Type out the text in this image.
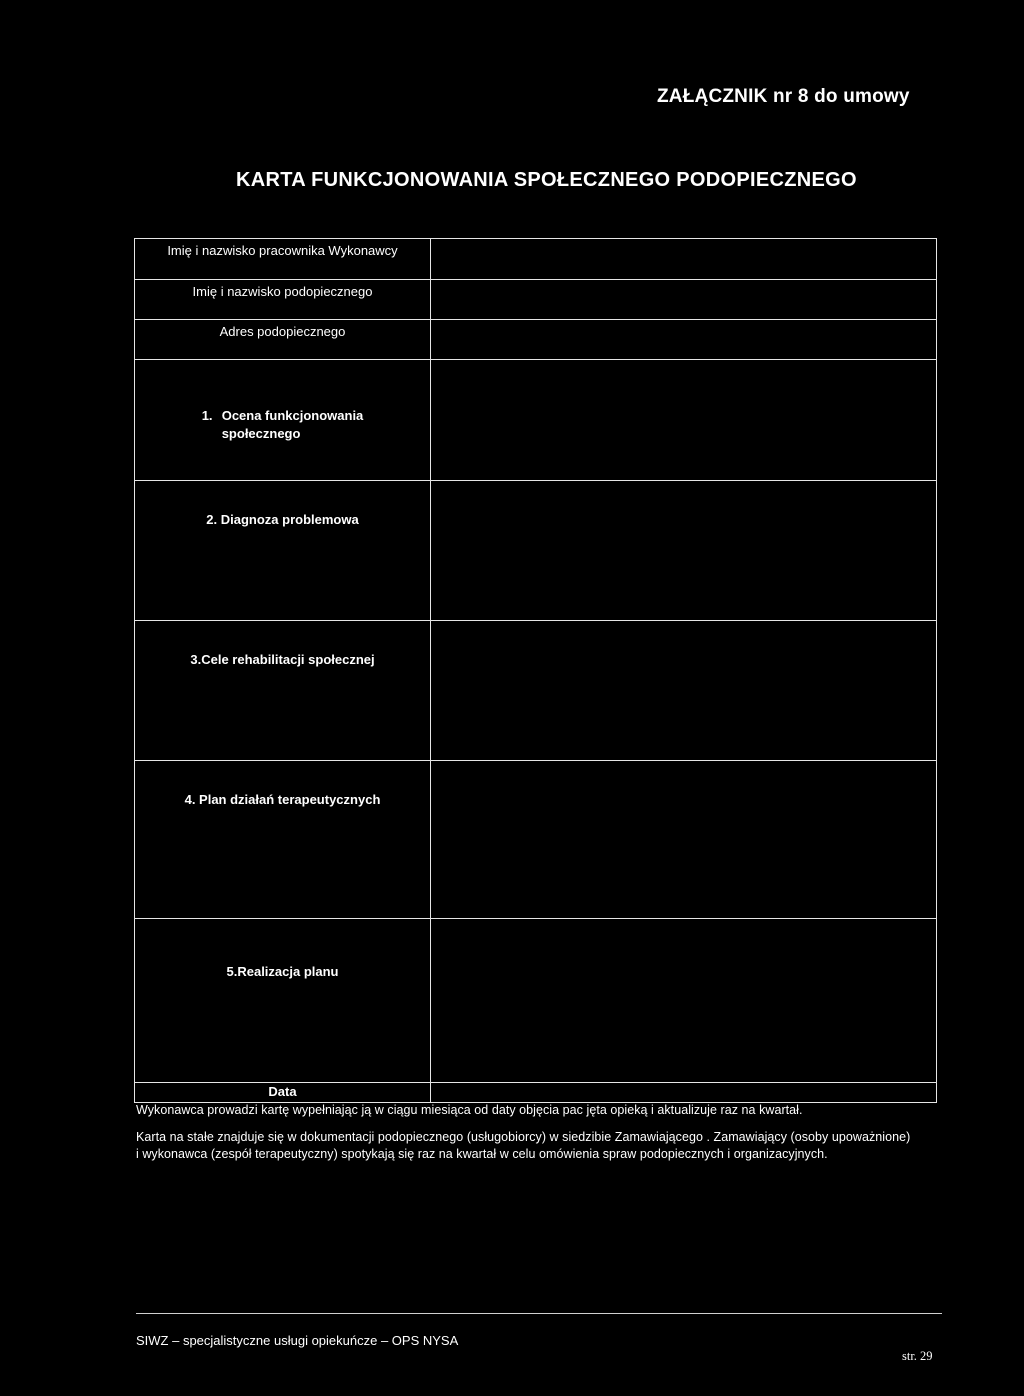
ZAŁĄCZNIK nr 8 do umowy
KARTA FUNKCJONOWANIA SPOŁECZNEGO PODOPIECZNEGO
Imię i nazwisko pracownika Wykonawcy	
Imię i nazwisko podopiecznego	
Adres podopiecznego	
1. Ocena funkcjonowania
społecznego	
2. Diagnoza problemowa	
3.Cele rehabilitacji społecznej	
4. Plan działań terapeutycznych	
5.Realizacja planu	
Data	
Wykonawca prowadzi kartę wypełniając ją w ciągu miesiąca od daty objęcia pac jęta opieką i aktualizuje raz na kwartał.
Karta na stałe znajduje się w dokumentacji podopiecznego (usługobiorcy) w siedzibie Zamawiającego . Zamawiający (osoby upoważnione)
i wykonawca (zespół terapeutyczny) spotykają się raz na kwartał w celu omówienia spraw podopiecznych i organizacyjnych.
SIWZ – specjalistyczne usługi opiekuńcze – OPS NYSA
str. 29
